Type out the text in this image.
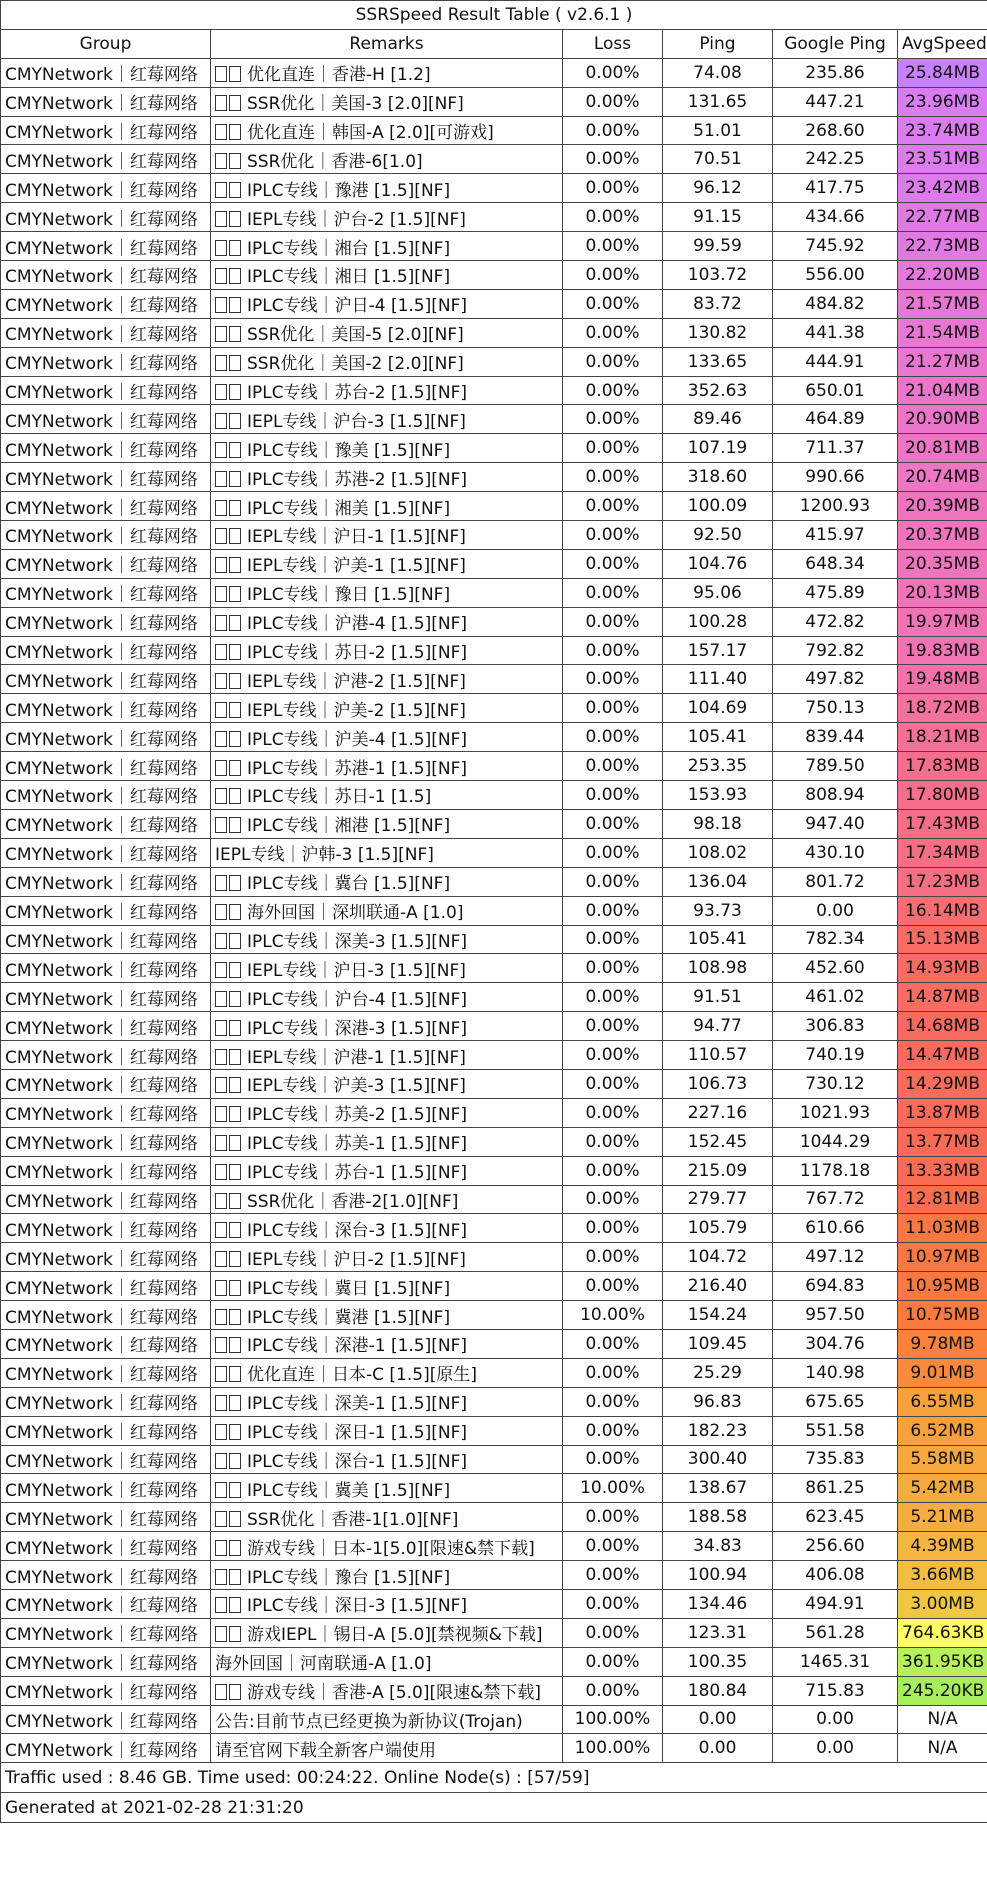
SSRSpeed Result Table ( v2.6.1 )					
Group	Remarks	Loss	Ping	Google Ping	AvgSpeed
CMYNetwork｜红莓网络	优化直连｜香港-H [1.2]	0.00%	74.08	235.86	25.84MB
CMYNetwork｜红莓网络	SSR优化｜美国-3 [2.0][NF]	0.00%	131.65	447.21	23.96MB
CMYNetwork｜红莓网络	优化直连｜韩国-A [2.0][可游戏]	0.00%	51.01	268.60	23.74MB
CMYNetwork｜红莓网络	SSR优化｜香港-6[1.0]	0.00%	70.51	242.25	23.51MB
CMYNetwork｜红莓网络	IPLC专线｜豫港 [1.5][NF]	0.00%	96.12	417.75	23.42MB
CMYNetwork｜红莓网络	IEPL专线｜沪台-2 [1.5][NF]	0.00%	91.15	434.66	22.77MB
CMYNetwork｜红莓网络	IPLC专线｜湘台 [1.5][NF]	0.00%	99.59	745.92	22.73MB
CMYNetwork｜红莓网络	IPLC专线｜湘日 [1.5][NF]	0.00%	103.72	556.00	22.20MB
CMYNetwork｜红莓网络	IPLC专线｜沪日-4 [1.5][NF]	0.00%	83.72	484.82	21.57MB
CMYNetwork｜红莓网络	SSR优化｜美国-5 [2.0][NF]	0.00%	130.82	441.38	21.54MB
CMYNetwork｜红莓网络	SSR优化｜美国-2 [2.0][NF]	0.00%	133.65	444.91	21.27MB
CMYNetwork｜红莓网络	IPLC专线｜苏台-2 [1.5][NF]	0.00%	352.63	650.01	21.04MB
CMYNetwork｜红莓网络	IEPL专线｜沪台-3 [1.5][NF]	0.00%	89.46	464.89	20.90MB
CMYNetwork｜红莓网络	IPLC专线｜豫美 [1.5][NF]	0.00%	107.19	711.37	20.81MB
CMYNetwork｜红莓网络	IPLC专线｜苏港-2 [1.5][NF]	0.00%	318.60	990.66	20.74MB
CMYNetwork｜红莓网络	IPLC专线｜湘美 [1.5][NF]	0.00%	100.09	1200.93	20.39MB
CMYNetwork｜红莓网络	IEPL专线｜沪日-1 [1.5][NF]	0.00%	92.50	415.97	20.37MB
CMYNetwork｜红莓网络	IEPL专线｜沪美-1 [1.5][NF]	0.00%	104.76	648.34	20.35MB
CMYNetwork｜红莓网络	IPLC专线｜豫日 [1.5][NF]	0.00%	95.06	475.89	20.13MB
CMYNetwork｜红莓网络	IPLC专线｜沪港-4 [1.5][NF]	0.00%	100.28	472.82	19.97MB
CMYNetwork｜红莓网络	IPLC专线｜苏日-2 [1.5][NF]	0.00%	157.17	792.82	19.83MB
CMYNetwork｜红莓网络	IEPL专线｜沪港-2 [1.5][NF]	0.00%	111.40	497.82	19.48MB
CMYNetwork｜红莓网络	IEPL专线｜沪美-2 [1.5][NF]	0.00%	104.69	750.13	18.72MB
CMYNetwork｜红莓网络	IPLC专线｜沪美-4 [1.5][NF]	0.00%	105.41	839.44	18.21MB
CMYNetwork｜红莓网络	IPLC专线｜苏港-1 [1.5][NF]	0.00%	253.35	789.50	17.83MB
CMYNetwork｜红莓网络	IPLC专线｜苏日-1 [1.5]	0.00%	153.93	808.94	17.80MB
CMYNetwork｜红莓网络	IPLC专线｜湘港 [1.5][NF]	0.00%	98.18	947.40	17.43MB
CMYNetwork｜红莓网络	IEPL专线｜沪韩-3 [1.5][NF]	0.00%	108.02	430.10	17.34MB
CMYNetwork｜红莓网络	IPLC专线｜冀台 [1.5][NF]	0.00%	136.04	801.72	17.23MB
CMYNetwork｜红莓网络	海外回国｜深圳联通-A [1.0]	0.00%	93.73	0.00	16.14MB
CMYNetwork｜红莓网络	IPLC专线｜深美-3 [1.5][NF]	0.00%	105.41	782.34	15.13MB
CMYNetwork｜红莓网络	IEPL专线｜沪日-3 [1.5][NF]	0.00%	108.98	452.60	14.93MB
CMYNetwork｜红莓网络	IPLC专线｜沪台-4 [1.5][NF]	0.00%	91.51	461.02	14.87MB
CMYNetwork｜红莓网络	IPLC专线｜深港-3 [1.5][NF]	0.00%	94.77	306.83	14.68MB
CMYNetwork｜红莓网络	IEPL专线｜沪港-1 [1.5][NF]	0.00%	110.57	740.19	14.47MB
CMYNetwork｜红莓网络	IEPL专线｜沪美-3 [1.5][NF]	0.00%	106.73	730.12	14.29MB
CMYNetwork｜红莓网络	IPLC专线｜苏美-2 [1.5][NF]	0.00%	227.16	1021.93	13.87MB
CMYNetwork｜红莓网络	IPLC专线｜苏美-1 [1.5][NF]	0.00%	152.45	1044.29	13.77MB
CMYNetwork｜红莓网络	IPLC专线｜苏台-1 [1.5][NF]	0.00%	215.09	1178.18	13.33MB
CMYNetwork｜红莓网络	SSR优化｜香港-2[1.0][NF]	0.00%	279.77	767.72	12.81MB
CMYNetwork｜红莓网络	IPLC专线｜深台-3 [1.5][NF]	0.00%	105.79	610.66	11.03MB
CMYNetwork｜红莓网络	IEPL专线｜沪日-2 [1.5][NF]	0.00%	104.72	497.12	10.97MB
CMYNetwork｜红莓网络	IPLC专线｜冀日 [1.5][NF]	0.00%	216.40	694.83	10.95MB
CMYNetwork｜红莓网络	IPLC专线｜冀港 [1.5][NF]	10.00%	154.24	957.50	10.75MB
CMYNetwork｜红莓网络	IPLC专线｜深港-1 [1.5][NF]	0.00%	109.45	304.76	9.78MB
CMYNetwork｜红莓网络	优化直连｜日本-C [1.5][原生]	0.00%	25.29	140.98	9.01MB
CMYNetwork｜红莓网络	IPLC专线｜深美-1 [1.5][NF]	0.00%	96.83	675.65	6.55MB
CMYNetwork｜红莓网络	IPLC专线｜深日-1 [1.5][NF]	0.00%	182.23	551.58	6.52MB
CMYNetwork｜红莓网络	IPLC专线｜深台-1 [1.5][NF]	0.00%	300.40	735.83	5.58MB
CMYNetwork｜红莓网络	IPLC专线｜冀美 [1.5][NF]	10.00%	138.67	861.25	5.42MB
CMYNetwork｜红莓网络	SSR优化｜香港-1[1.0][NF]	0.00%	188.58	623.45	5.21MB
CMYNetwork｜红莓网络	游戏专线｜日本-1[5.0][限速&禁下载]	0.00%	34.83	256.60	4.39MB
CMYNetwork｜红莓网络	IPLC专线｜豫台 [1.5][NF]	0.00%	100.94	406.08	3.66MB
CMYNetwork｜红莓网络	IPLC专线｜深日-3 [1.5][NF]	0.00%	134.46	494.91	3.00MB
CMYNetwork｜红莓网络	游戏IEPL｜锡日-A [5.0][禁视频&下载]	0.00%	123.31	561.28	764.63KB
CMYNetwork｜红莓网络	海外回国｜河南联通-A [1.0]	0.00%	100.35	1465.31	361.95KB
CMYNetwork｜红莓网络	游戏专线｜香港-A [5.0][限速&禁下载]	0.00%	180.84	715.83	245.20KB
CMYNetwork｜红莓网络	公告:目前节点已经更换为新协议(Trojan)	100.00%	0.00	0.00	N/A
CMYNetwork｜红莓网络	请至官网下载全新客户端使用	100.00%	0.00	0.00	N/A
Traffic used : 8.46 GB. Time used: 00:24:22. Online Node(s) : [57/59]					
Generated at 2021-02-28 21:31:20					
